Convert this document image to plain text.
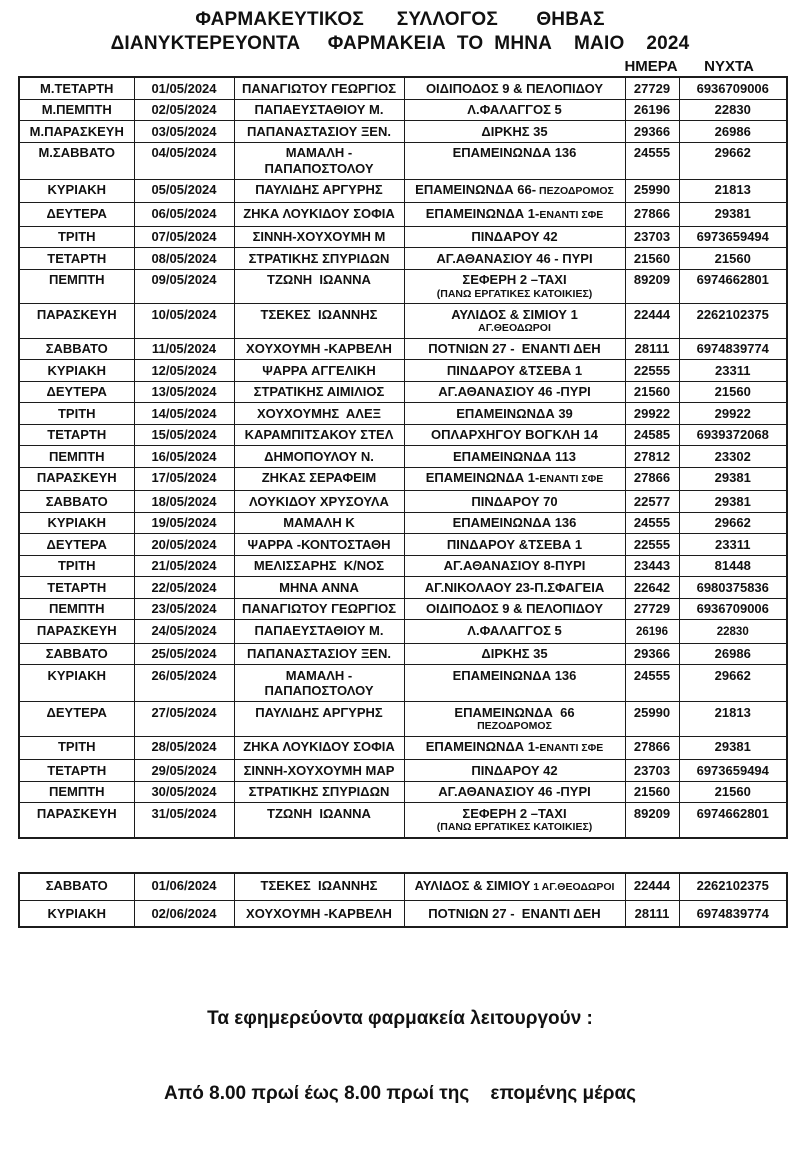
ΦΑΡΜΑΚΕΥΤΙΚΟΣ      ΣΥΛΛΟΓΟΣ       ΘΗΒΑΣ
ΔΙΑΝΥΚΤΕΡΕΥΟΝΤΑ     ΦΑΡΜΑΚΕΙΑ  ΤΟ  ΜΗΝΑ    ΜΑΙΟ    2024
ΗΜΕΡΑ	ΝΥΧΤΑ
Μ.ΤΕΤΑΡΤΗ	01/05/2024	ΠΑΝΑΓΙΩΤΟΥ ΓΕΩΡΓΙΟΣ	ΟΙΔΙΠΟΔΟΣ 9 & ΠΕΛΟΠΙΔΟΥ	27729	6936709006
Μ.ΠΕΜΠΤΗ	02/05/2024	ΠΑΠΑΕΥΣΤΑΘΙΟΥ Μ.	Λ.ΦΑΛΑΓΓΟΣ 5	26196	22830
Μ.ΠΑΡΑΣΚΕΥΗ	03/05/2024	ΠΑΠΑΝΑΣΤΑΣΙΟΥ ΞΕΝ.	ΔΙΡΚΗΣ 35	29366	26986
Μ.ΣΑΒΒΑΤΟ	04/05/2024	ΜΑΜΑΛΗ -
ΠΑΠΑΠΟΣΤΟΛΟΥ	ΕΠΑΜΕΙΝΩΝΔΑ 136	24555	29662
ΚΥΡΙΑΚΗ	05/05/2024	ΠΑΥΛΙΔΗΣ ΑΡΓΥΡΗΣ	ΕΠΑΜΕΙΝΩΝΔΑ 66- ΠΕΖΟΔΡΟΜΟΣ	25990	21813
ΔΕΥΤΕΡΑ	06/05/2024	ΖΗΚΑ ΛΟΥΚΙΔΟΥ ΣΟΦΙΑ	ΕΠΑΜΕΙΝΩΝΔΑ 1-ΕΝΑΝΤΙ ΣΦΕ	27866	29381
ΤΡΙΤΗ	07/05/2024	ΣΙΝΝΗ-ΧΟΥΧΟΥΜΗ Μ	ΠΙΝΔΑΡΟΥ 42	23703	6973659494
ΤΕΤΑΡΤΗ	08/05/2024	ΣΤΡΑΤΙΚΗΣ ΣΠΥΡΙΔΩΝ	ΑΓ.ΑΘΑΝΑΣΙΟΥ 46 - ΠΥΡΙ	21560	21560
ΠΕΜΠΤΗ	09/05/2024	ΤΖΩΝΗ  ΙΩΑΝΝΑ	ΣΕΦΕΡΗ 2 –ΤΑΧΙ
(ΠΑΝΩ ΕΡΓΑΤΙΚΕΣ ΚΑΤΟΙΚΙΕΣ)	89209	6974662801
ΠΑΡΑΣΚΕΥΗ	10/05/2024	ΤΣΕΚΕΣ  ΙΩΑΝΝΗΣ	ΑΥΛΙΔΟΣ & ΣΙΜΙΟΥ 1
ΑΓ.ΘΕΟΔΩΡΟΙ	22444	2262102375
ΣΑΒΒΑΤΟ	11/05/2024	ΧΟΥΧΟΥΜΗ -ΚΑΡΒΕΛΗ	ΠΟΤΝΙΩΝ 27 -  ΕΝΑΝΤΙ ΔΕΗ	28111	6974839774
ΚΥΡΙΑΚΗ	12/05/2024	ΨΑΡΡΑ ΑΓΓΕΛΙΚΗ	ΠΙΝΔΑΡΟΥ &ΤΣΕΒΑ 1	22555	23311
ΔΕΥΤΕΡΑ	13/05/2024	ΣΤΡΑΤΙΚΗΣ ΑΙΜΙΛΙΟΣ	ΑΓ.ΑΘΑΝΑΣΙΟΥ 46 -ΠΥΡΙ	21560	21560
ΤΡΙΤΗ	14/05/2024	ΧΟΥΧΟΥΜΗΣ  ΑΛΕΞ	ΕΠΑΜΕΙΝΩΝΔΑ 39	29922	29922
ΤΕΤΑΡΤΗ	15/05/2024	ΚΑΡΑΜΠΙΤΣΑΚΟΥ ΣΤΕΛ	ΟΠΛΑΡΧΗΓΟΥ ΒΟΓΚΛΗ 14	24585	6939372068
ΠΕΜΠΤΗ	16/05/2024	ΔΗΜΟΠΟΥΛΟΥ Ν.	ΕΠΑΜΕΙΝΩΝΔΑ 113	27812	23302
ΠΑΡΑΣΚΕΥΗ	17/05/2024	ΖΗΚΑΣ ΣΕΡΑΦΕΙΜ	ΕΠΑΜΕΙΝΩΝΔΑ 1-ΕΝΑΝΤΙ ΣΦΕ	27866	29381
ΣΑΒΒΑΤΟ	18/05/2024	ΛΟΥΚΙΔΟΥ ΧΡΥΣΟΥΛΑ	ΠΙΝΔΑΡΟΥ 70	22577	29381
ΚΥΡΙΑΚΗ	19/05/2024	ΜΑΜΑΛΗ Κ	ΕΠΑΜΕΙΝΩΝΔΑ 136	24555	29662
ΔΕΥΤΕΡΑ	20/05/2024	ΨΑΡΡΑ -ΚΟΝΤΟΣΤΑΘΗ	ΠΙΝΔΑΡΟΥ &ΤΣΕΒΑ 1	22555	23311
ΤΡΙΤΗ	21/05/2024	ΜΕΛΙΣΣΑΡΗΣ  Κ/ΝΟΣ	ΑΓ.ΑΘΑΝΑΣΙΟΥ 8-ΠΥΡΙ	23443	81448
ΤΕΤΑΡΤΗ	22/05/2024	ΜΗΝΑ ΑΝΝΑ	ΑΓ.ΝΙΚΟΛΑΟΥ 23-Π.ΣΦΑΓΕΙΑ	22642	6980375836
ΠΕΜΠΤΗ	23/05/2024	ΠΑΝΑΓΙΩΤΟΥ ΓΕΩΡΓΙΟΣ	ΟΙΔΙΠΟΔΟΣ 9 & ΠΕΛΟΠΙΔΟΥ	27729	6936709006
ΠΑΡΑΣΚΕΥΗ	24/05/2024	ΠΑΠΑΕΥΣΤΑΘΙΟΥ Μ.	Λ.ΦΑΛΑΓΓΟΣ 5	26196	22830
ΣΑΒΒΑΤΟ	25/05/2024	ΠΑΠΑΝΑΣΤΑΣΙΟΥ ΞΕΝ.	ΔΙΡΚΗΣ 35	29366	26986
ΚΥΡΙΑΚΗ	26/05/2024	ΜΑΜΑΛΗ -
ΠΑΠΑΠΟΣΤΟΛΟΥ	ΕΠΑΜΕΙΝΩΝΔΑ 136	24555	29662
ΔΕΥΤΕΡΑ	27/05/2024	ΠΑΥΛΙΔΗΣ ΑΡΓΥΡΗΣ	ΕΠΑΜΕΙΝΩΝΔΑ  66
ΠΕΖΟΔΡΟΜΟΣ	25990	21813
ΤΡΙΤΗ	28/05/2024	ΖΗΚΑ ΛΟΥΚΙΔΟΥ ΣΟΦΙΑ	ΕΠΑΜΕΙΝΩΝΔΑ 1-ΕΝΑΝΤΙ ΣΦΕ	27866	29381
ΤΕΤΑΡΤΗ	29/05/2024	ΣΙΝΝΗ-ΧΟΥΧΟΥΜΗ ΜΑΡ	ΠΙΝΔΑΡΟΥ 42	23703	6973659494
ΠΕΜΠΤΗ	30/05/2024	ΣΤΡΑΤΙΚΗΣ ΣΠΥΡΙΔΩΝ	ΑΓ.ΑΘΑΝΑΣΙΟΥ 46 -ΠΥΡΙ	21560	21560
ΠΑΡΑΣΚΕΥΗ	31/05/2024	ΤΖΩΝΗ  ΙΩΑΝΝΑ	ΣΕΦΕΡΗ 2 –ΤΑΧΙ
(ΠΑΝΩ ΕΡΓΑΤΙΚΕΣ ΚΑΤΟΙΚΙΕΣ)	89209	6974662801
ΣΑΒΒΑΤΟ	01/06/2024	ΤΣΕΚΕΣ  ΙΩΑΝΝΗΣ	ΑΥΛΙΔΟΣ & ΣΙΜΙΟΥ 1 ΑΓ.ΘΕΟΔΩΡΟΙ	22444	2262102375
ΚΥΡΙΑΚΗ	02/06/2024	ΧΟΥΧΟΥΜΗ -ΚΑΡΒΕΛΗ	ΠΟΤΝΙΩΝ 27 -  ΕΝΑΝΤΙ ΔΕΗ	28111	6974839774

Τα εφημερεύοντα φαρμακεία λειτουργούν :

Από 8.00 πρωί έως 8.00 πρωί της    επομένης μέρας
